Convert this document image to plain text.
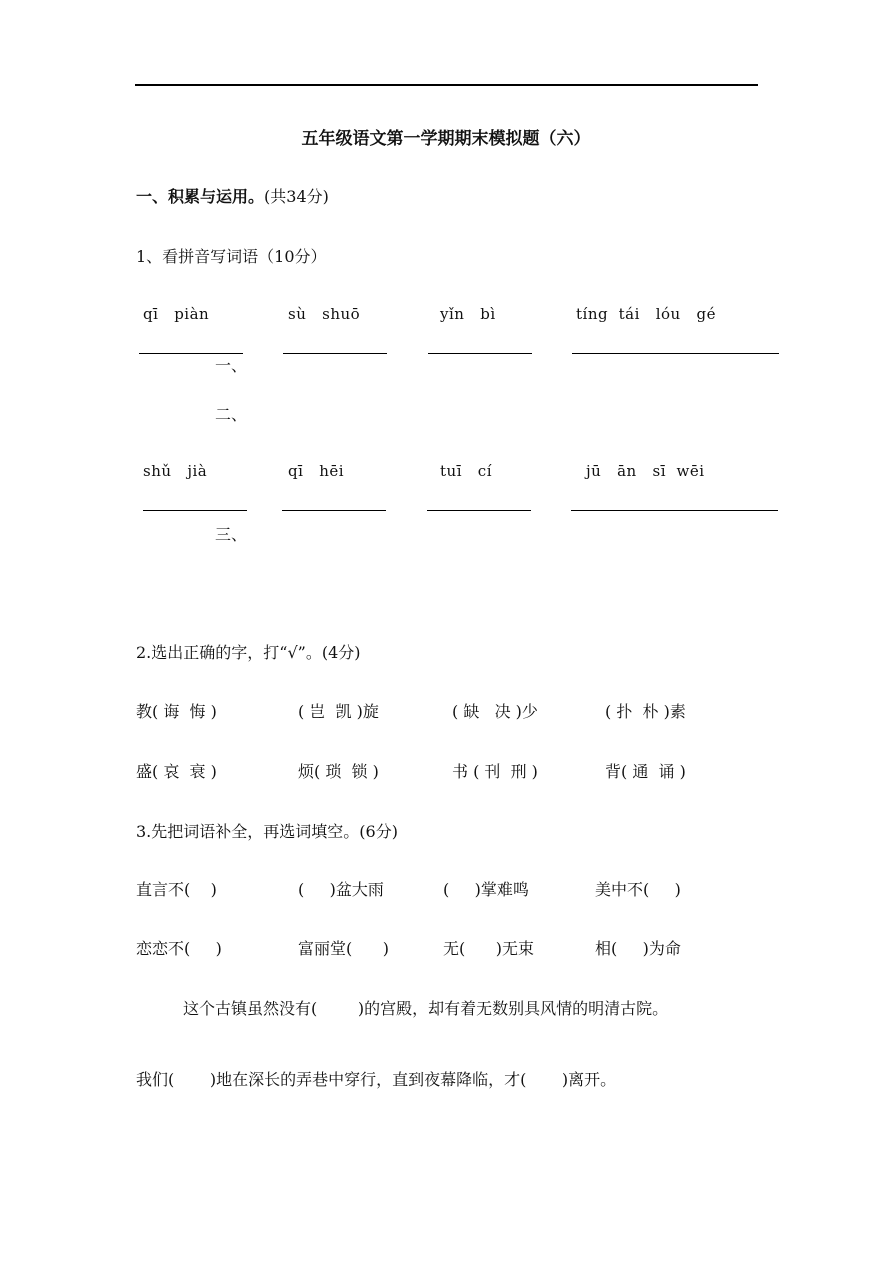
五年级语文第一学期期末模拟题（六）
一、积累与运用。(共34分)
1、看拼音写词语（10分）
qī   piàn	sù   shuō	yǐn   bì	tíng  tái   lóu   gé
一、
二、
shǔ   jià	qī   hēi	tuī   cí	jū   ān   sī  wēi
三、
2.选出正确的字，打“√”。(4分)
教( 诲  悔 )	( 岂  凯 )旋	( 缺   决 )少	( 扑  朴 )素
盛( 哀  衰 )	烦( 琐  锁 )	书 ( 刊  刑 )	背( 通  诵 )
3.先把词语补全，再选词填空。(6分)
直言不(    )	(     )盆大雨	(     )掌难鸣	美中不(     )
恋恋不(     )	富丽堂(      )	无(      )无束	相(     )为命
这个古镇虽然没有(        )的宫殿，却有着无数别具风情的明清古院。
我们(       )地在深长的弄巷中穿行，直到夜幕降临，才(       )离开。
